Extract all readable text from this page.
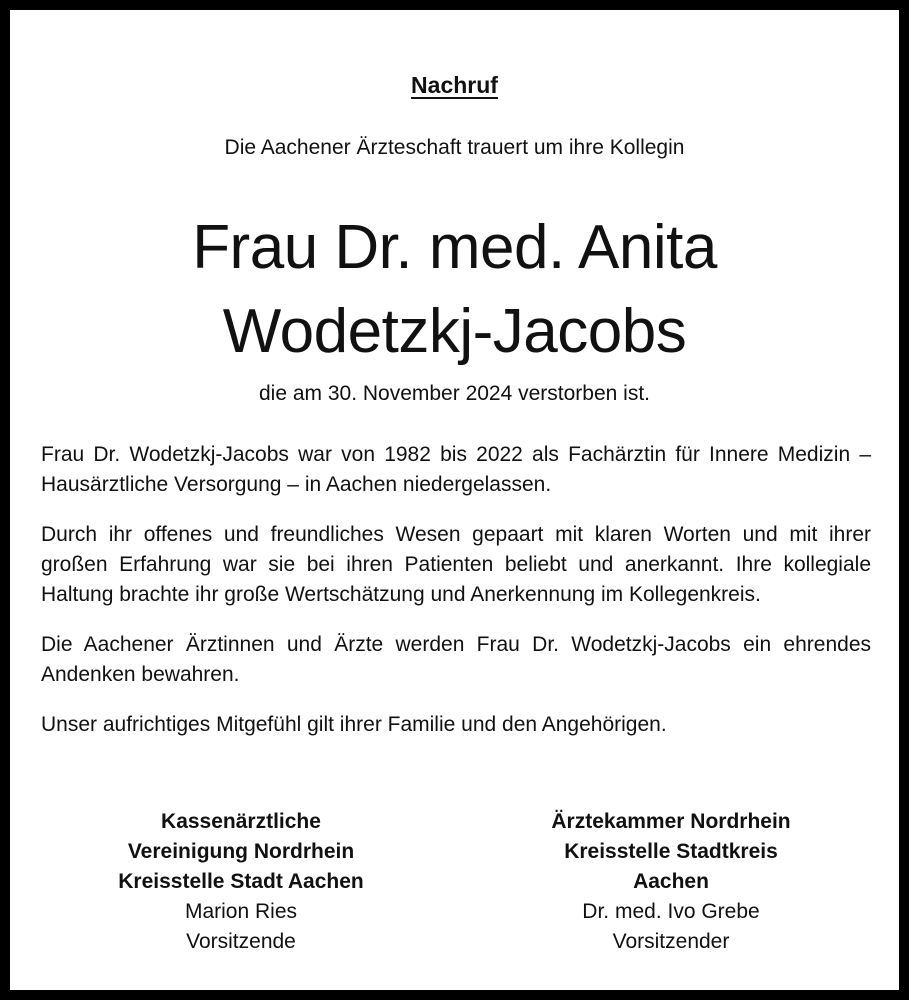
Nachruf
Die Aachener Ärzteschaft trauert um ihre Kollegin
Frau Dr. med. Anita
Wodetzkj-Jacobs
die am 30. November 2024 verstorben ist.

Frau Dr. Wodetzkj-Jacobs war von 1982 bis 2022 als Fachärztin für Innere Medizin – Hausärztliche Versorgung – in Aachen niedergelassen.

Durch ihr offenes und freundliches Wesen gepaart mit klaren Worten und mit ihrer großen Erfahrung war sie bei ihren Patienten beliebt und anerkannt. Ihre kollegiale Haltung brachte ihr große Wertschätzung und Anerkennung im Kollegenkreis.

Die Aachener Ärztinnen und Ärzte werden Frau Dr. Wodetzkj-Jacobs ein ehrendes Andenken bewahren.

Unser aufrichtiges Mitgefühl gilt ihrer Familie und den Angehörigen.

Kassenärztliche
Vereinigung Nordrhein
Kreisstelle Stadt Aachen
Marion Ries
Vorsitzende
Ärztekammer Nordrhein
Kreisstelle Stadtkreis
Aachen
Dr. med. Ivo Grebe
Vorsitzender
